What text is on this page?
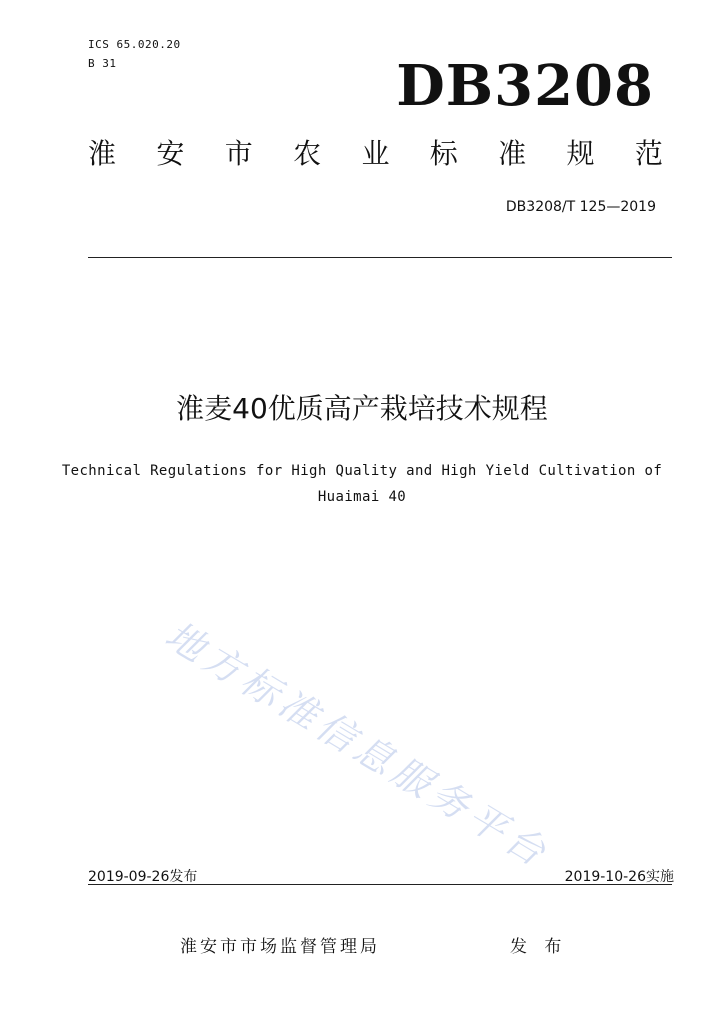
ICS 65.020.20
B 31	DB3208
淮 安 市 农 业 标 准 规 范
DB3208/T 125—2019
淮麦40优质高产栽培技术规程
Technical Regulations for High Quality and High Yield Cultivation of
Huaimai 40
地方标准信息服务平台
2019-09-26发布	2019-10-26实施
淮安市市场监督管理局	发 布
